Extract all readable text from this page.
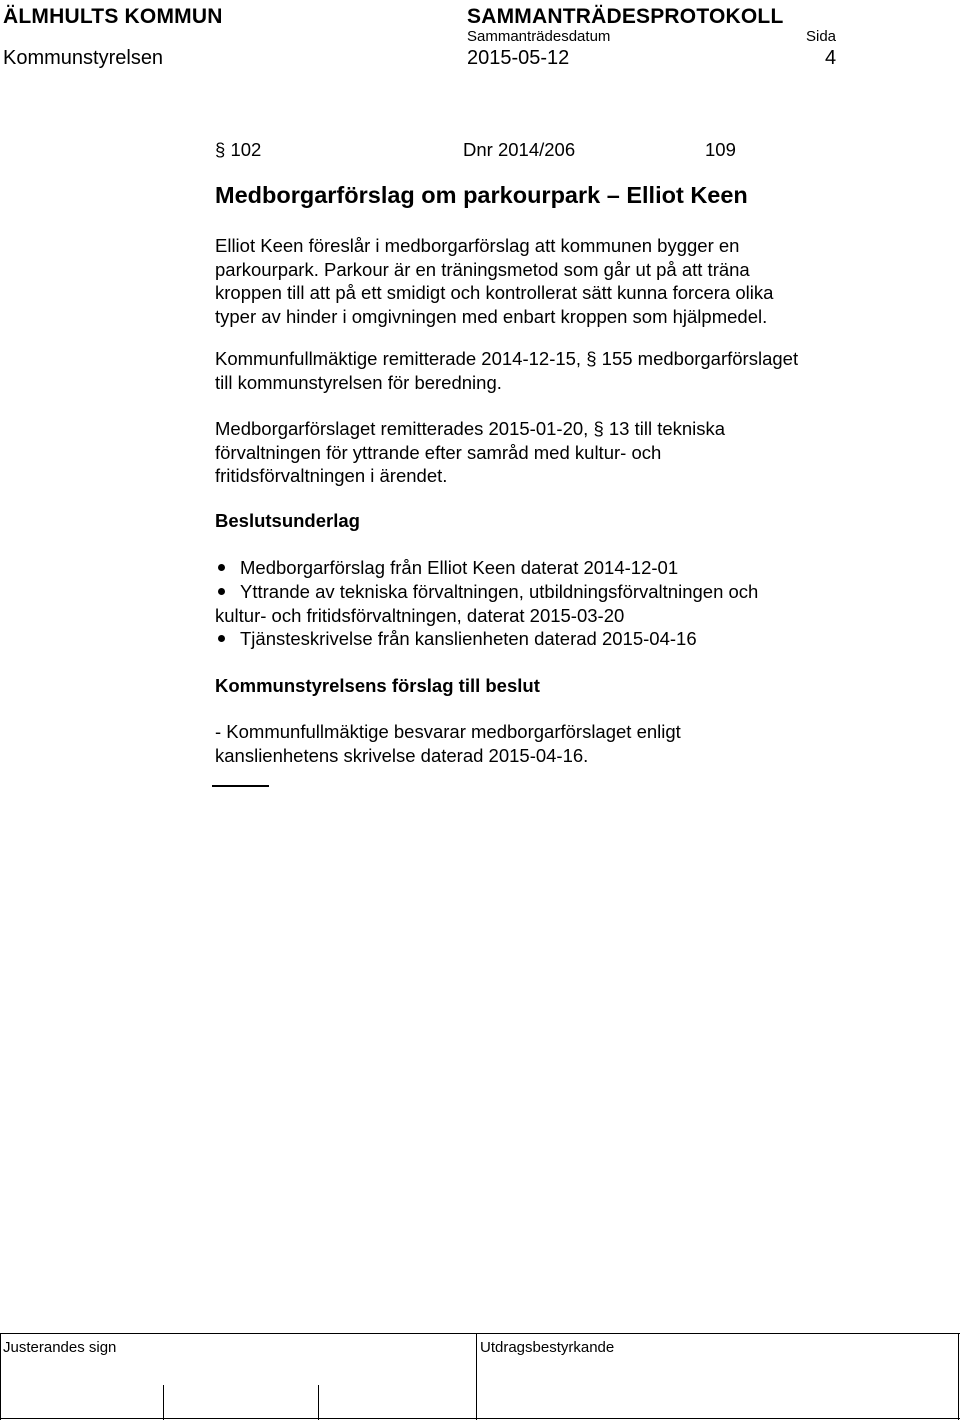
ÄLMHULTS KOMMUN	SAMMANTRÄDESPROTOKOLL
Sammanträdesdatum	Sida
Kommunstyrelsen	2015-05-12	4
§ 102	Dnr 2014/206	109
Medborgarförslag om parkourpark – Elliot Keen
Elliot Keen föreslår i medborgarförslag att kommunen bygger en
parkourpark. Parkour är en träningsmetod som går ut på att träna
kroppen till att på ett smidigt och kontrollerat sätt kunna forcera olika
typer av hinder i omgivningen med enbart kroppen som hjälpmedel.
Kommunfullmäktige remitterade 2014-12-15, § 155 medborgarförslaget
till kommunstyrelsen för beredning.
Medborgarförslaget remitterades 2015-01-20, § 13 till tekniska
förvaltningen för yttrande efter samråd med kultur- och
fritidsförvaltningen i ärendet.
Beslutsunderlag
Medborgarförslag från Elliot Keen daterat 2014-12-01
Yttrande av tekniska förvaltningen, utbildningsförvaltningen och
kultur- och fritidsförvaltningen, daterat 2015-03-20
Tjänsteskrivelse från kanslienheten daterad 2015-04-16
Kommunstyrelsens förslag till beslut
- Kommunfullmäktige besvarar medborgarförslaget enligt
kanslienhetens skrivelse daterad 2015-04-16.
Justerandes sign	Utdragsbestyrkande
